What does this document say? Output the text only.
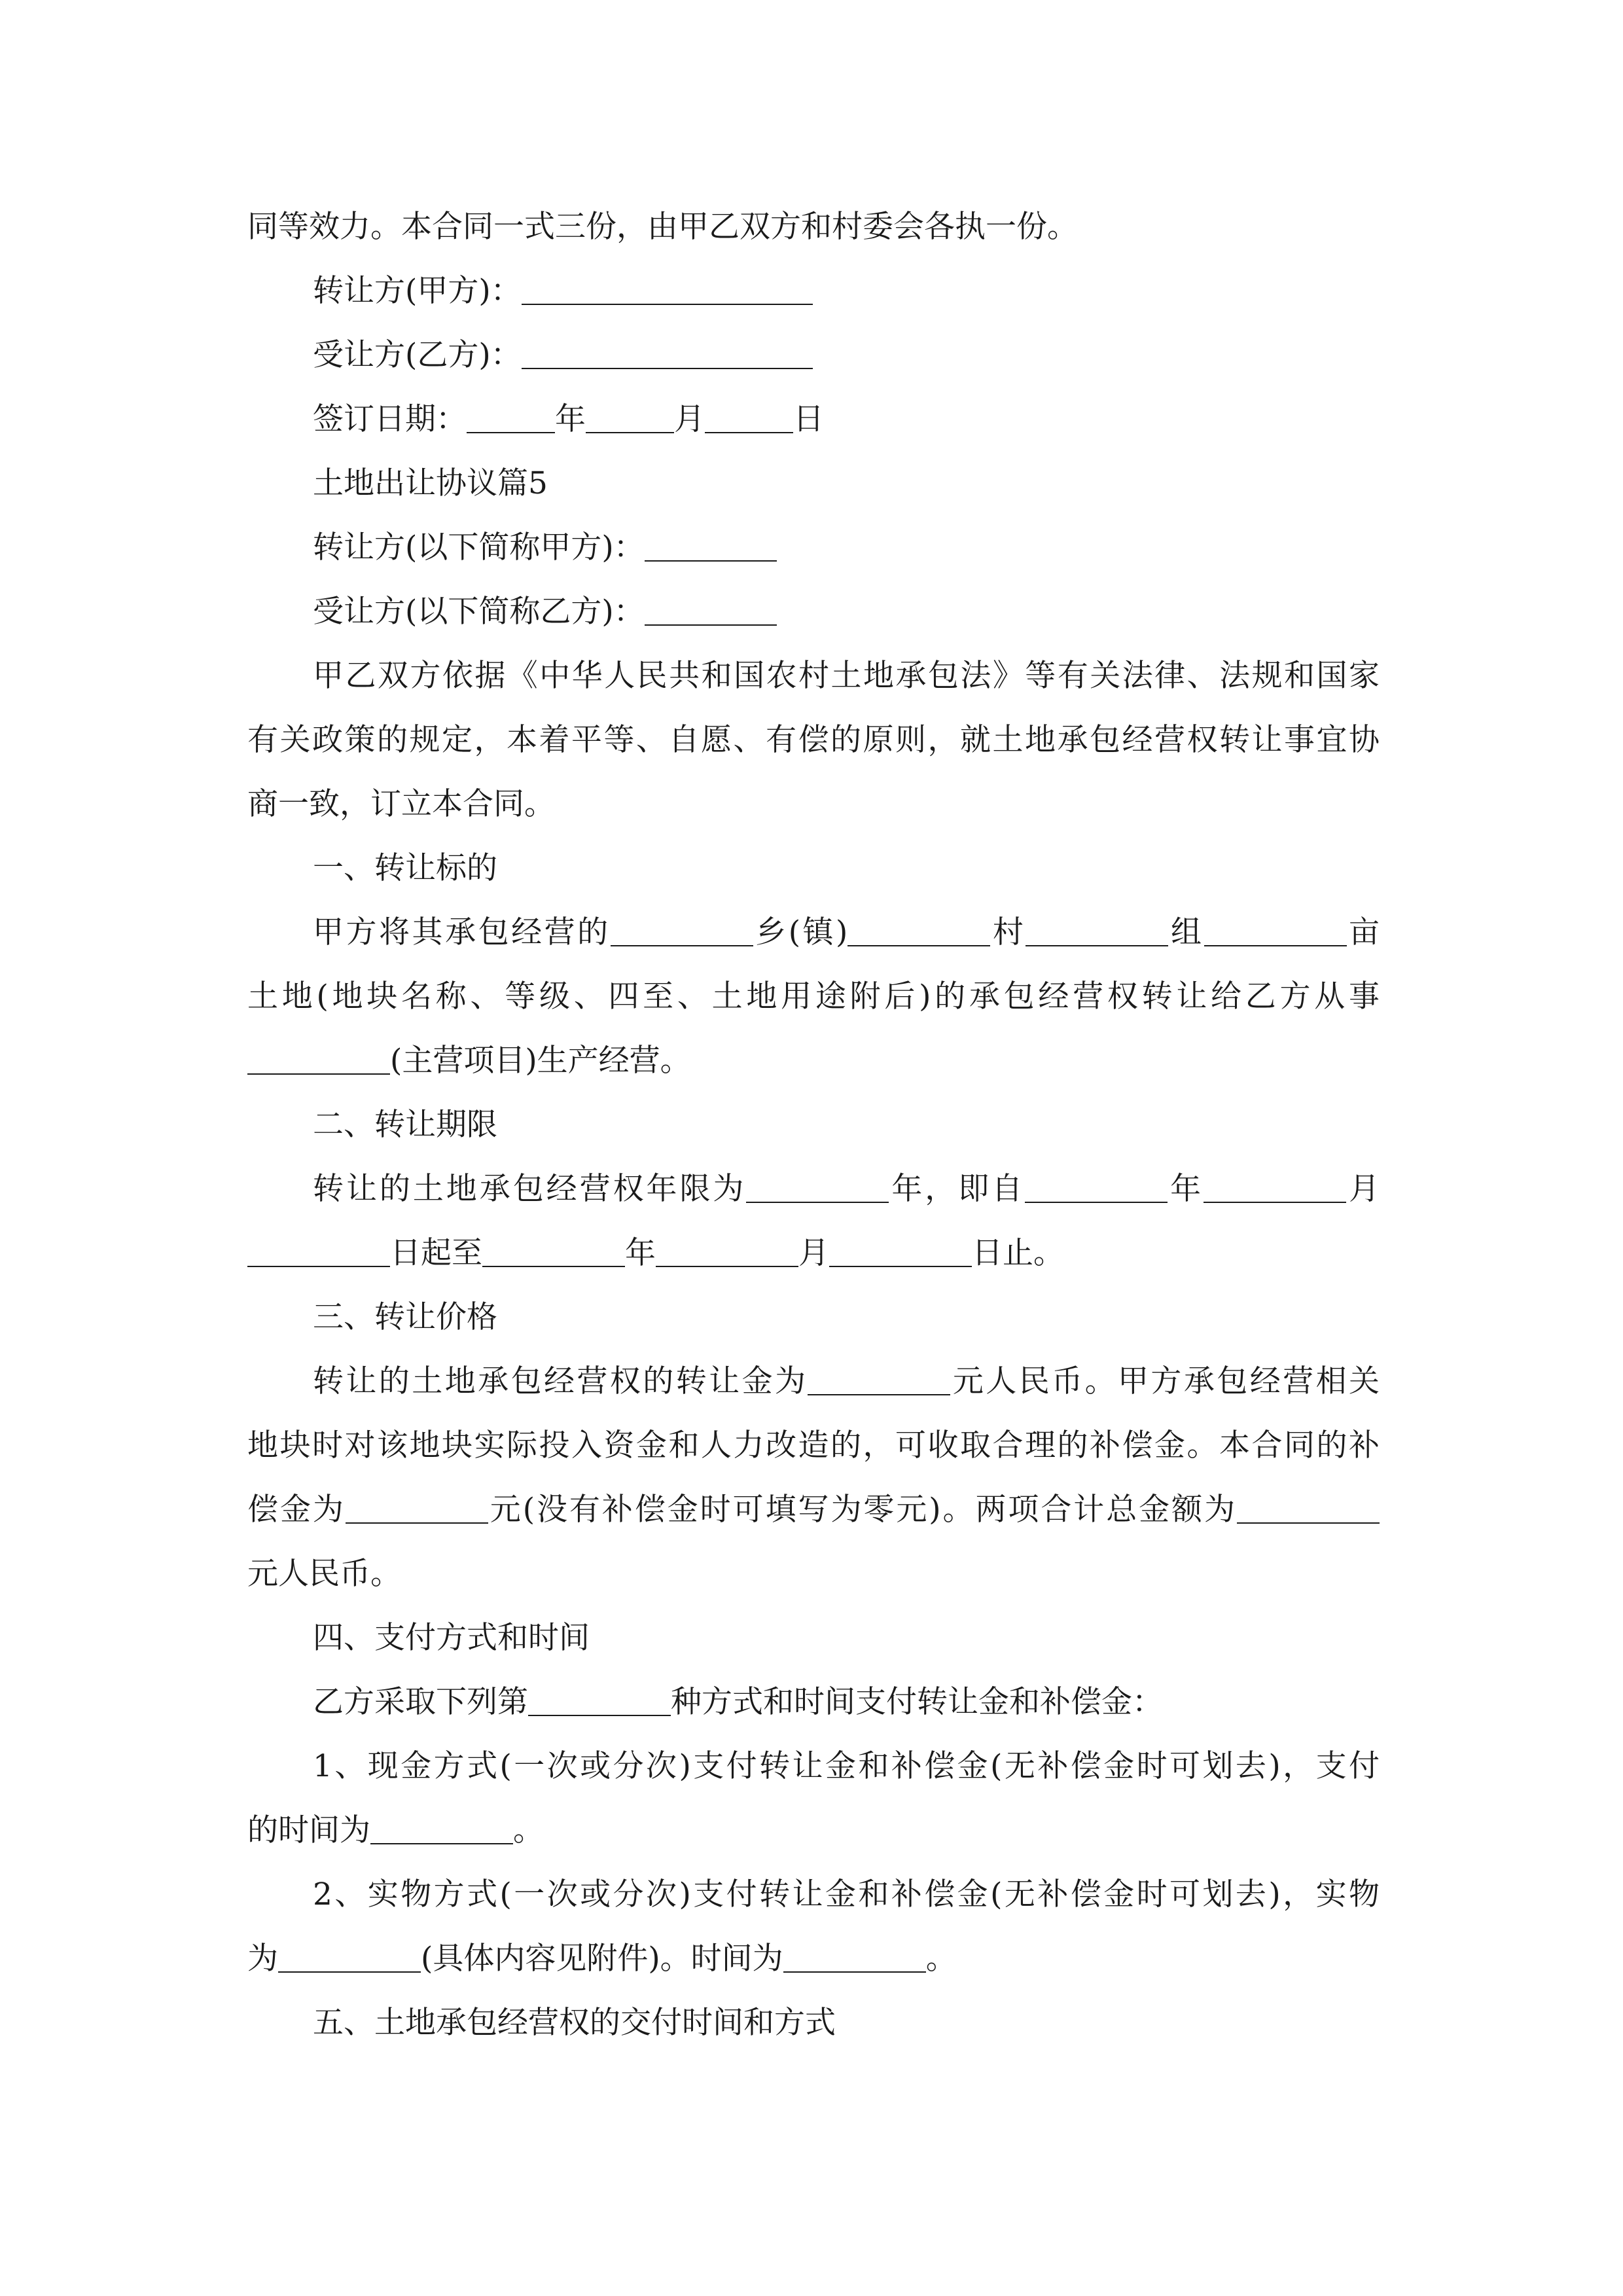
同等效力。本合同一式三份，由甲乙双方和村委会各执一份。
转让方(甲方)：
受让方(乙方)：
签订日期：	年	月	日
土地出让协议篇5
转让方(以下简称甲方)：
受让方(以下简称乙方)：
甲乙双方依据《中华人民共和国农村土地承包法》等有关法律、法规和国家
有关政策的规定，本着平等、自愿、有偿的原则，就土地承包经营权转让事宜协
商一致，订立本合同。
一、转让标的
甲方将其承包经营的	乡(镇)	村	组	亩
土地(地块名称、等级、四至、土地用途附后)的承包经营权转让给乙方从事
(主营项目)生产经营。
二、转让期限
转让的土地承包经营权年限为	年，即自	年	月
日起至	年	月	日止。
三、转让价格
转让的土地承包经营权的转让金为	元人民币。甲方承包经营相关
地块时对该地块实际投入资金和人力改造的，可收取合理的补偿金。本合同的补
偿金为	元(没有补偿金时可填写为零元)。两项合计总金额为
元人民币。
四、支付方式和时间
乙方采取下列第	种方式和时间支付转让金和补偿金：
1、现金方式(一次或分次)支付转让金和补偿金(无补偿金时可划去)，支付
的时间为	。
2、实物方式(一次或分次)支付转让金和补偿金(无补偿金时可划去)，实物
为	(具体内容见附件)。时间为	。
五、土地承包经营权的交付时间和方式
